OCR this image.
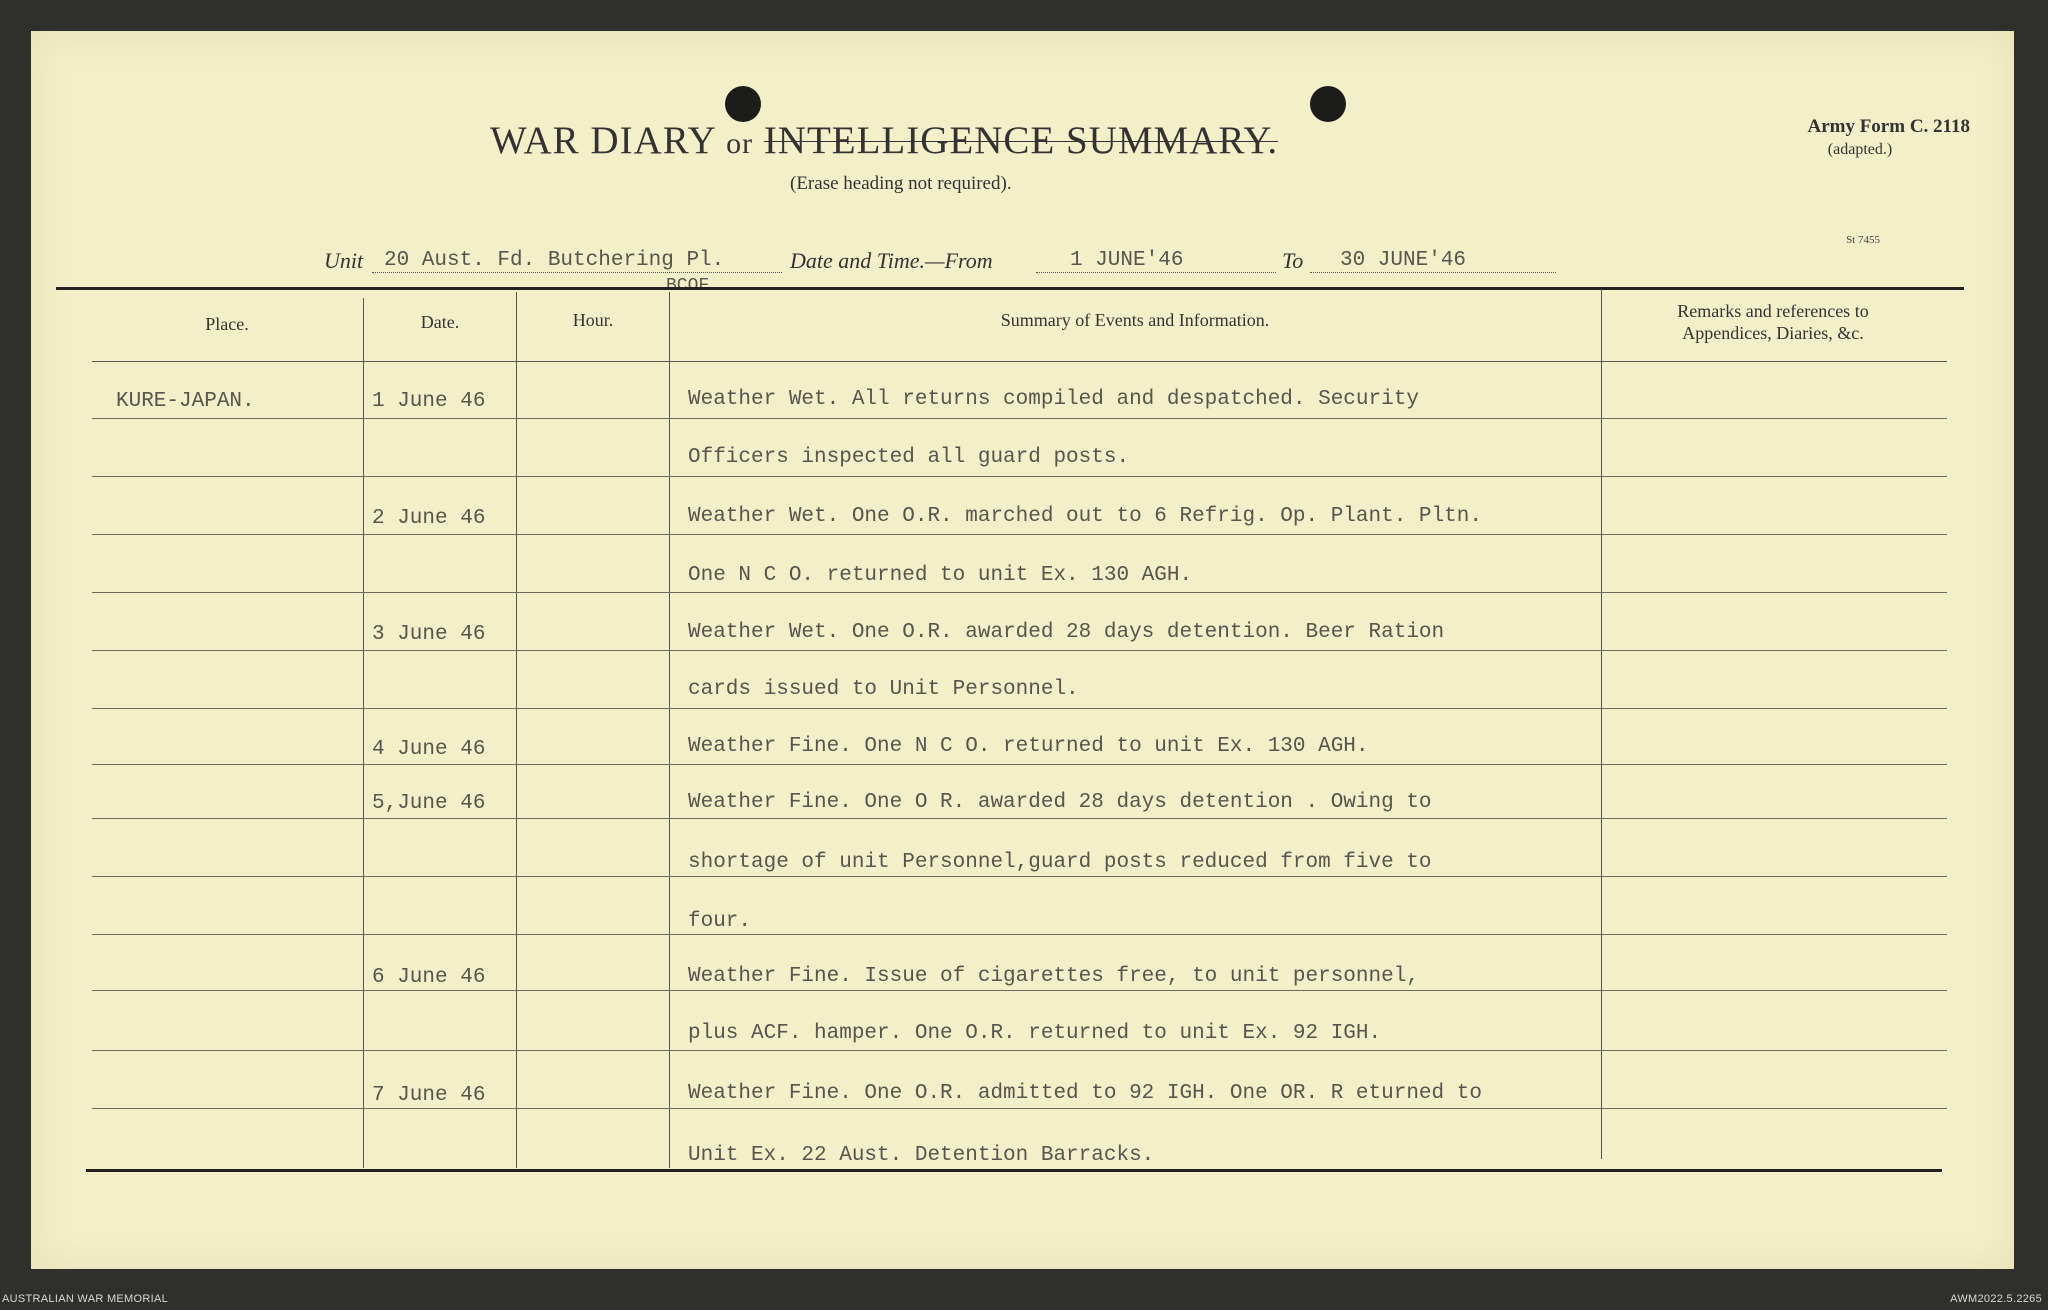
WAR DIARY or INTELLIGENCE SUMMARY.
(Erase heading not required).
Army Form C. 2118
(adapted.)
St 7455
Unit 20 Aust. Fd. Butchering Pl.
BCOF.
Date and Time.—From	1 JUNE'46	To 30 JUNE'46
Place.	Date.	Hour.	Summary of Events and Information.	Remarks and references to
Appendices, Diaries, &c.
KURE-JAPAN.	1 June 46	Weather Wet. All returns compiled and despatched. Security
Officers inspected all guard posts.
2 June 46	Weather Wet. One O.R. marched out to 6 Refrig. Op. Plant. Pltn.
One N C O. returned to unit Ex. 130 AGH.
3 June 46	Weather Wet. One O.R. awarded 28 days detention. Beer Ration
cards issued to Unit Personnel.
4 June 46	Weather Fine. One N C O. returned to unit Ex. 130 AGH.
5,June 46	Weather Fine. One O R. awarded 28 days detention . Owing to
shortage of unit Personnel,guard posts reduced from five to
four.
6 June 46	Weather Fine. Issue of cigarettes free, to unit personnel,
plus ACF. hamper. One O.R. returned to unit Ex. 92 IGH.
7 June 46	Weather Fine. One O.R. admitted to 92 IGH. One OR. R eturned to
Unit Ex. 22 Aust. Detention Barracks.
AUSTRALIAN WAR MEMORIAL	AWM2022.5.2265
